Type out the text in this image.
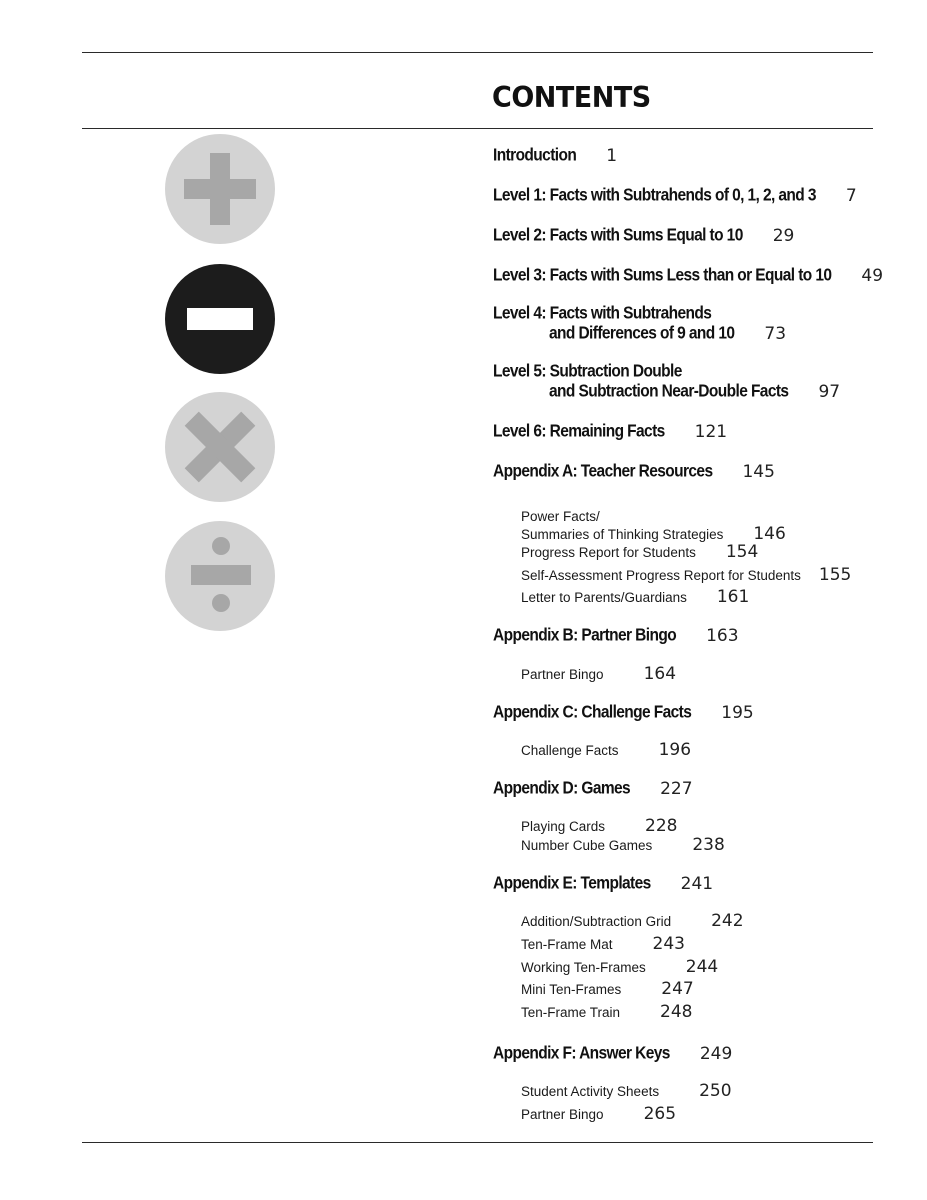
CONTENTS
Introduction 1
Level 1: Facts with Subtrahends of 0, 1, 2, and 3 7
Level 2: Facts with Sums Equal to 10 29
Level 3: Facts with Sums Less than or Equal to 10 49
Level 4: Facts with Subtrahends
and Differences of 9 and 10 73
Level 5: Subtraction Double
and Subtraction Near-Double Facts 97
Level 6: Remaining Facts 121
Appendix A: Teacher Resources 145
Power Facts/
Summaries of Thinking Strategies 146
Progress Report for Students 154
Self-Assessment Progress Report for Students 155
Letter to Parents/Guardians 161
Appendix B: Partner Bingo 163
Partner Bingo 164
Appendix C: Challenge Facts 195
Challenge Facts 196
Appendix D: Games 227
Playing Cards 228
Number Cube Games 238
Appendix E: Templates 241
Addition/Subtraction Grid 242
Ten-Frame Mat 243
Working Ten-Frames 244
Mini Ten-Frames 247
Ten-Frame Train 248
Appendix F: Answer Keys 249
Student Activity Sheets 250
Partner Bingo 265
